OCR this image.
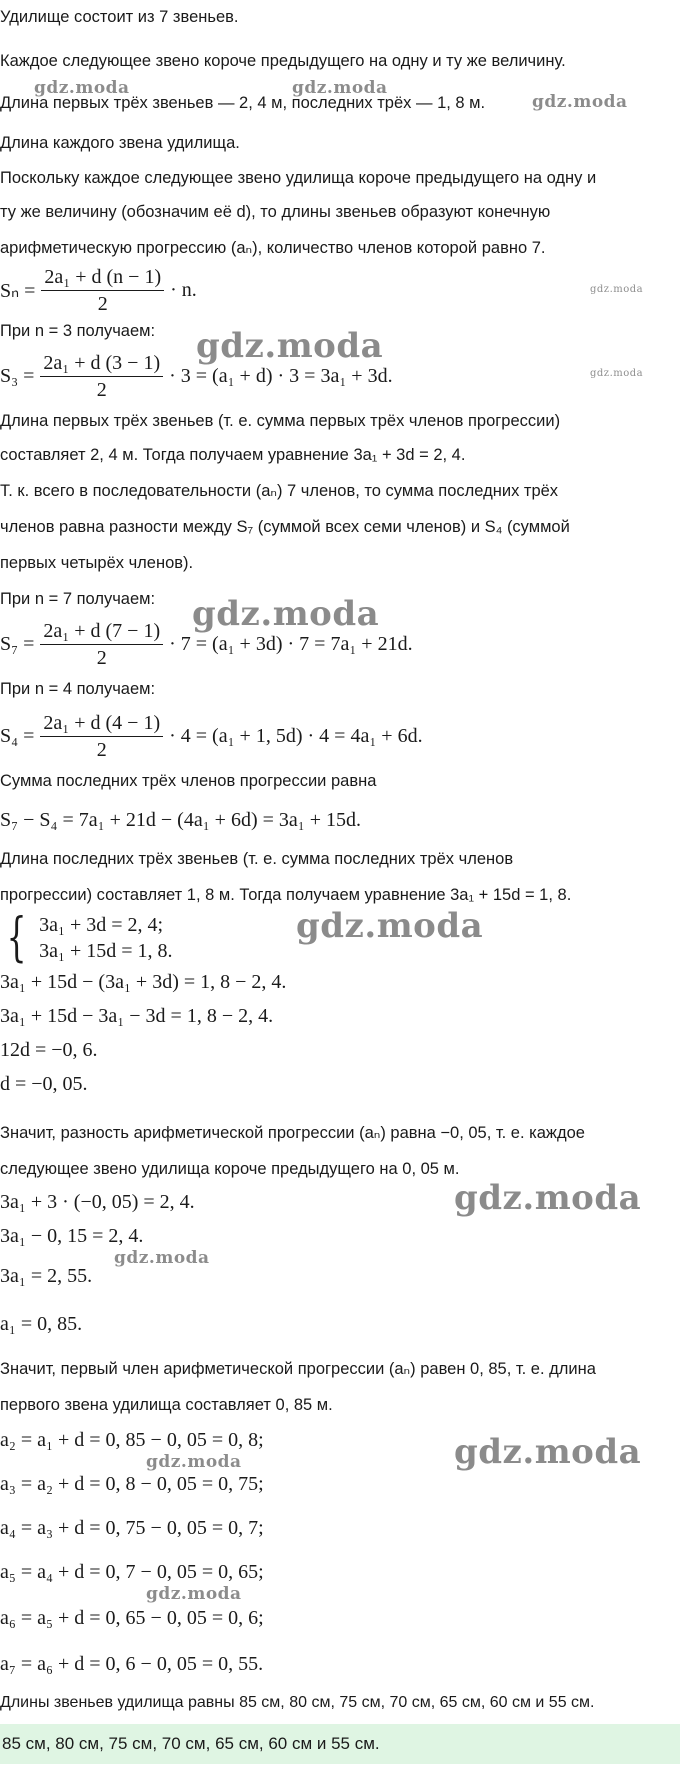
Удилище состоит из 7 звеньев.
Каждое следующее звено короче предыдущего на одну и ту же величину.
Длина первых трёх звеньев — 2, 4 м, последних трёх — 1, 8 м.
Длина каждого звена удилища.
Поскольку каждое следующее звено удилища короче предыдущего на одну и
ту же величину (обозначим её d), то длины звеньев образуют конечную
арифметическую прогрессию (aₙ), количество членов которой равно 7.
$S_n = \frac{\text{2a₁ + d (n − 1)}}{2} \cdot n$.
При n = 3 получаем:
$S_3 = \frac{\text{2a₁ + d (3 − 1)}}{2} \cdot 3 = (a_1 + d) \cdot 3 = 3a_1 + 3d$.
Длина первых трёх звеньев (т. е. сумма первых трёх членов прогрессии)
составляет 2, 4 м. Тогда получаем уравнение 3a₁ + 3d = 2, 4.
Т. к. всего в последовательности (aₙ) 7 членов, то сумма последних трёх
членов равна разности между S₇ (суммой всех семи членов) и S₄ (суммой
первых четырёх членов).
При n = 7 получаем:
$S_7 = \frac{\text{2a₁ + d (7 − 1)}}{2} \cdot 7 = (a_1 + 3d) \cdot 7 = 7a_1 + 21d$.
При n = 4 получаем:
$S_4 = \frac{\text{2a₁ + d (4 − 1)}}{2} \cdot 4 = (a_1 + 1$, 5d) · 4 = 4a₁ + 6d.
Сумма последних трёх членов прогрессии равна
S₇ − S₄ = 7a₁ + 21d − (4a₁ + 6d) = 3a₁ + 15d.
Длина последних трёх звеньев (т. е. сумма последних трёх членов
прогрессии) составляет 1, 8 м. Тогда получаем уравнение 3a₁ + 15d = 1, 8.
{ 3a₁ + 3d = 2, 4;
3a₁ + 15d = 1, 8.
3a₁ + 15d − (3a₁ + 3d) = 1, 8 − 2, 4.
3a₁ + 15d − 3a₁ − 3d = 1, 8 − 2, 4.
12d = −0, 6.
d = −0, 05.
Значит, разность арифметической прогрессии (aₙ) равна −0, 05, т. е. каждое
следующее звено удилища короче предыдущего на 0, 05 м.
3a₁ + 3 · (−0, 05) = 2, 4.
3a₁ − 0, 15 = 2, 4.
3a₁ = 2, 55.
a₁ = 0, 85.
Значит, первый член арифметической прогрессии (aₙ) равен 0, 85, т. е. длина
первого звена удилища составляет 0, 85 м.
a₂ = a₁ + d = 0, 85 − 0, 05 = 0, 8;
a₃ = a₂ + d = 0, 8 − 0, 05 = 0, 75;
a₄ = a₃ + d = 0, 75 − 0, 05 = 0, 7;
a₅ = a₄ + d = 0, 7 − 0, 05 = 0, 65;
a₆ = a₅ + d = 0, 65 − 0, 05 = 0, 6;
a₇ = a₆ + d = 0, 6 − 0, 05 = 0, 55.
Длины звеньев удилища равны 85 см, 80 см, 75 см, 70 см, 65 см, 60 см и 55 см.
85 см, 80 см, 75 см, 70 см, 65 см, 60 см и 55 см.
gdz.moda	gdz.moda
gdz.moda
gdz.moda
gdz.moda
gdz.moda
gdz.moda
gdz.moda
gdz.moda
gdz.moda
gdz.moda
gdz.moda
gdz.moda
